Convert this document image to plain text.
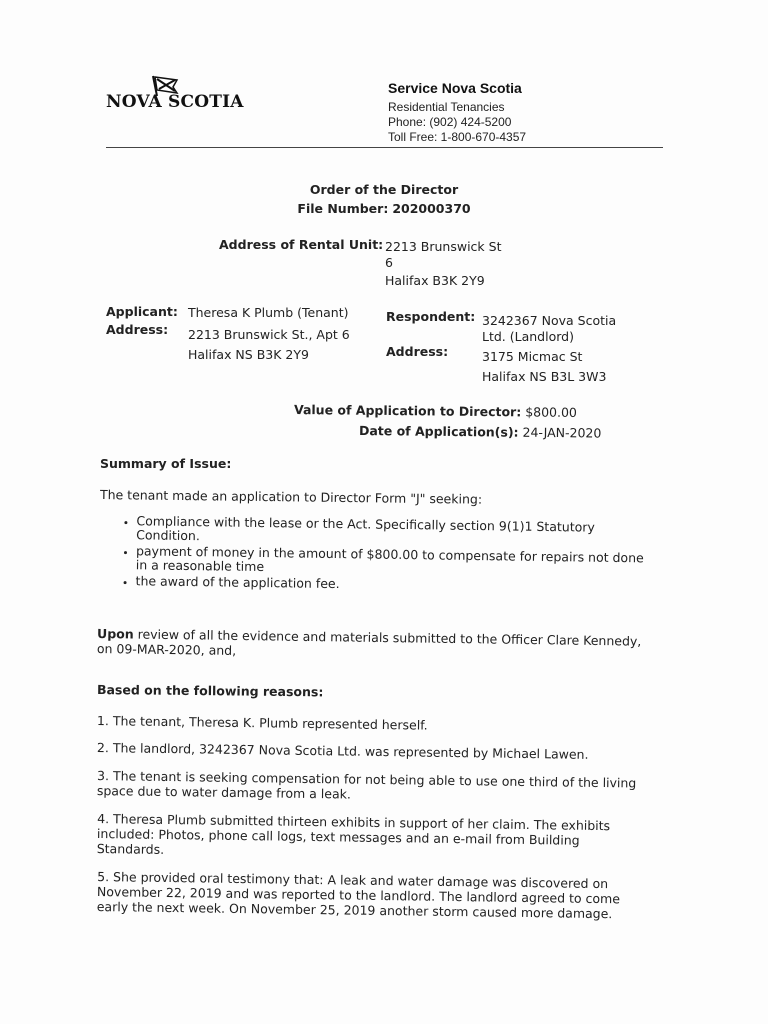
NOVA SCOTIA
Service Nova Scotia
Residential Tenancies
Phone: (902) 424-5200
Toll Free: 1-800-670-4357
Order of the Director
File Number: 202000370
Address of Rental Unit: 2213 Brunswick St
6
Halifax B3K 2Y9
Applicant: Theresa K Plumb (Tenant)
Address: 2213 Brunswick St., Apt 6
Halifax NS B3K 2Y9
Respondent: 3242367 Nova Scotia
Ltd. (Landlord)
Address:	3175 Micmac St
Halifax NS B3L 3W3
Value of Application to Director: $800.00
Date of Application(s): 24-JAN-2020
Summary of Issue:
The tenant made an application to Director Form "J" seeking:
• Compliance with the lease or the Act. Specifically section 9(1)1 Statutory Condition.
• payment of money in the amount of $800.00 to compensate for repairs not done in a reasonable time
• the award of the application fee.
Upon review of all the evidence and materials submitted to the Officer Clare Kennedy, on 09-MAR-2020, and,
Based on the following reasons:
1. The tenant, Theresa K. Plumb represented herself.
2. The landlord, 3242367 Nova Scotia Ltd. was represented by Michael Lawen.
3. The tenant is seeking compensation for not being able to use one third of the living space due to water damage from a leak.
4. Theresa Plumb submitted thirteen exhibits in support of her claim. The exhibits included: Photos, phone call logs, text messages and an e-mail from Building Standards.
5. She provided oral testimony that: A leak and water damage was discovered on November 22, 2019 and was reported to the landlord. The landlord agreed to come early the next week. On November 25, 2019 another storm caused more damage.
